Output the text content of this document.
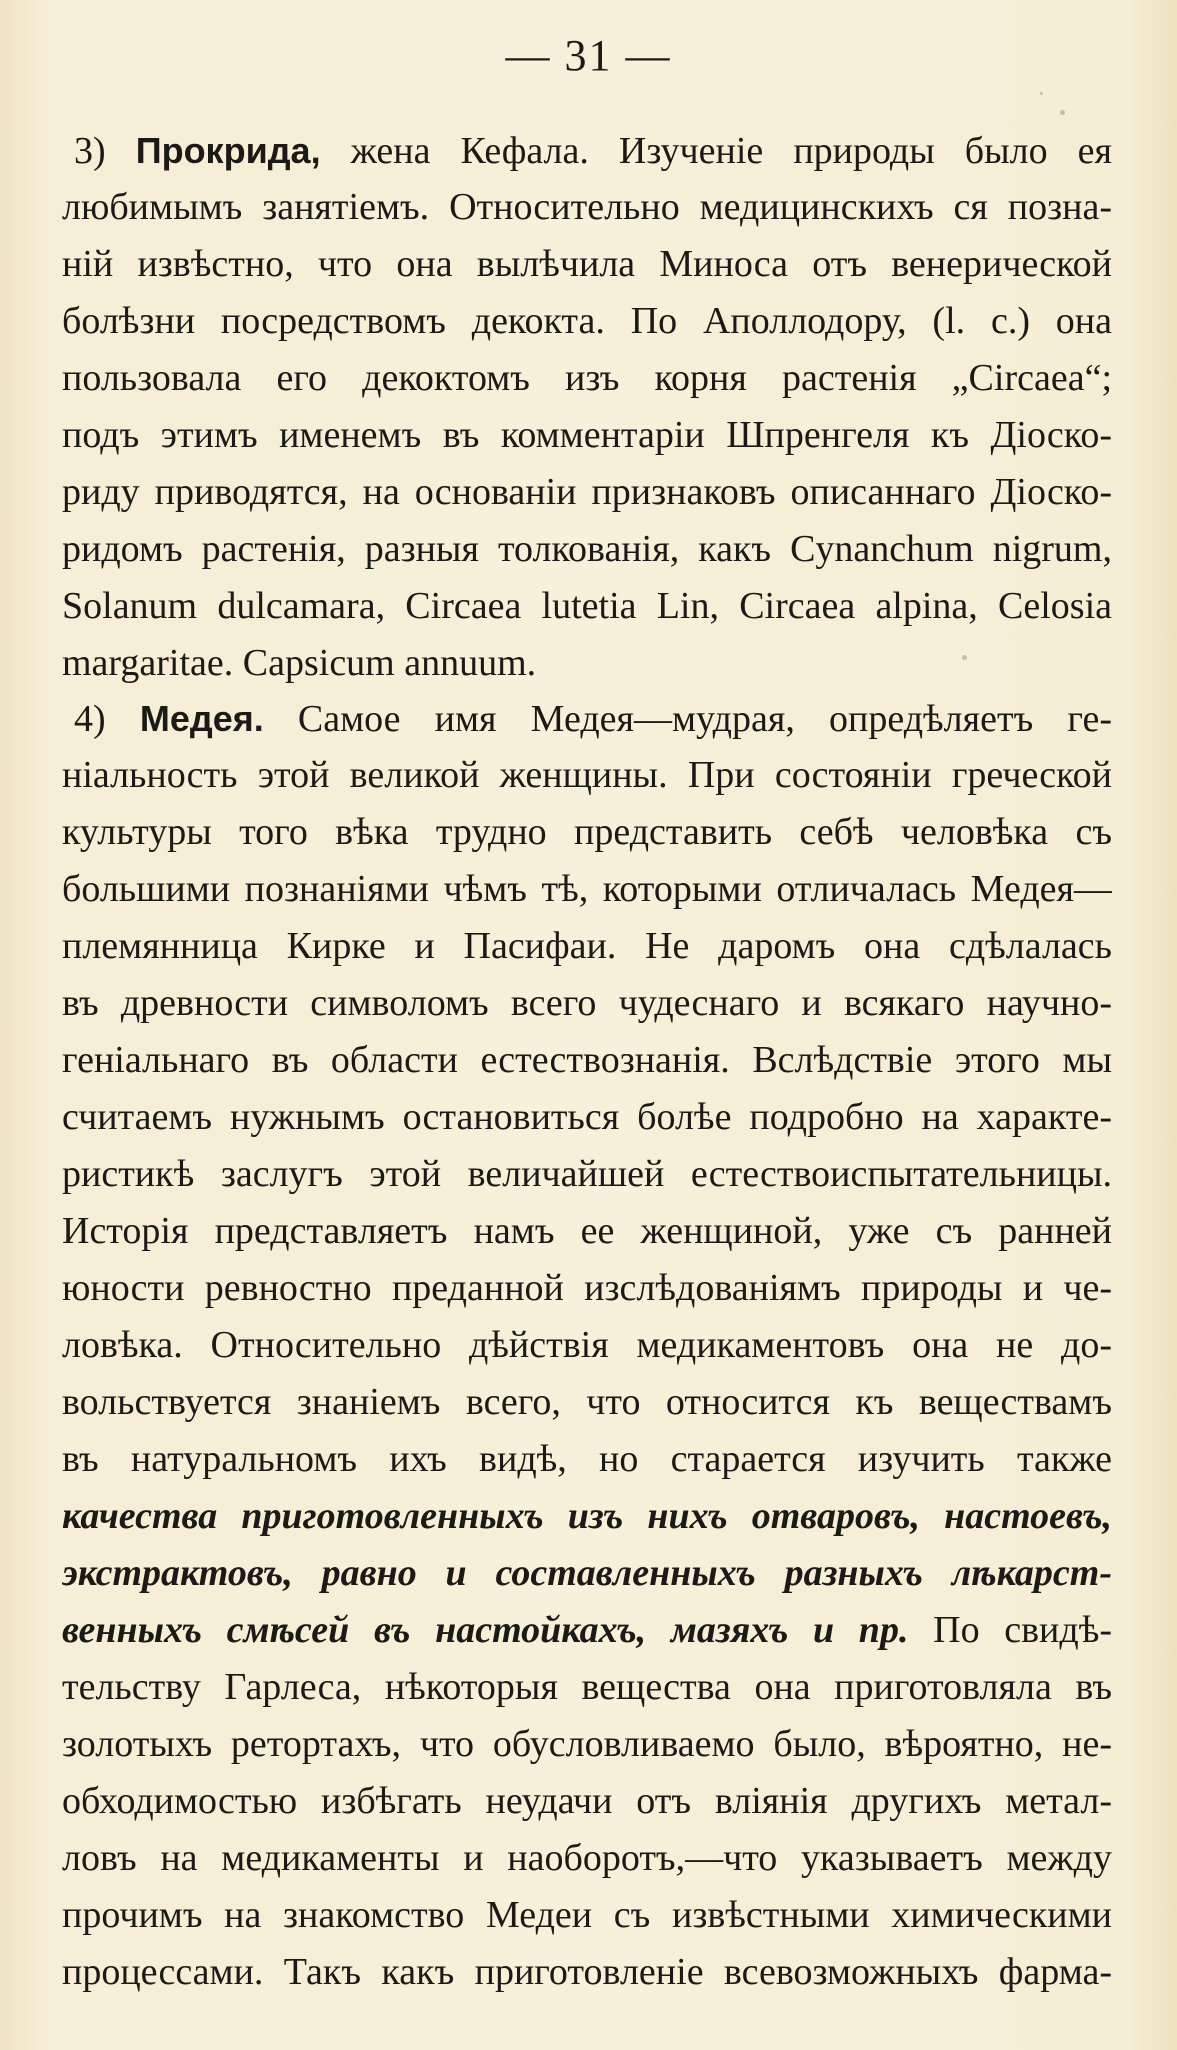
— 31 —
3) Прокрида, жена Кефала. Изученіе природы было ея
любимымъ занятіемъ. Относительно медицинскихъ ся позна-
ній извѣстно, что она вылѣчила Миноса отъ венерической
болѣзни посредствомъ декокта. По Аполлодору, (l. c.) она
пользовала его декоктомъ изъ корня растенія „Circaea“;
подъ этимъ именемъ въ комментаріи Шпренгеля къ Діоско-
риду приводятся, на основаніи признаковъ описаннаго Діоско-
ридомъ растенія, разныя толкованія, какъ Cynanchum nigrum,
Solanum dulcamara, Circaea lutetia Lin, Circaea alpina, Celosia
margaritae. Capsicum annuum.
4) Медея. Самое имя Медея—мудрая, опредѣляетъ ге-
ніальность этой великой женщины. При состояніи греческой
культуры того вѣка трудно представить себѣ человѣка съ
большими познаніями чѣмъ тѣ, которыми отличалась Медея—
племянница Кирке и Пасифаи. Не даромъ она сдѣлалась
въ древности символомъ всего чудеснаго и всякаго научно-
геніальнаго въ области естествознанія. Вслѣдствіе этого мы
считаемъ нужнымъ остановиться болѣе подробно на характе-
ристикѣ заслугъ этой величайшей естествоиспытательницы.
Исторія представляетъ намъ ее женщиной, уже съ ранней
юности ревностно преданной изслѣдованіямъ природы и че-
ловѣка. Относительно дѣйствія медикаментовъ она не до-
вольствуется знаніемъ всего, что относится къ веществамъ
въ натуральномъ ихъ видѣ, но старается изучить также
качества приготовленныхъ изъ нихъ отваровъ, настоевъ,
экстрактовъ, равно и составленныхъ разныхъ лѣкарст-
венныхъ смѣсей въ настойкахъ, мазяхъ и пр. По свидѣ-
тельству Гарлеса, нѣкоторыя вещества она приготовляла въ
золотыхъ ретортахъ, что обусловливаемо было, вѣроятно, не-
обходимостью избѣгать неудачи отъ вліянія другихъ метал-
ловъ на медикаменты и наоборотъ,—что указываетъ между
прочимъ на знакомство Медеи съ извѣстными химическими
процессами. Такъ какъ приготовленіе всевозможныхъ фарма-
